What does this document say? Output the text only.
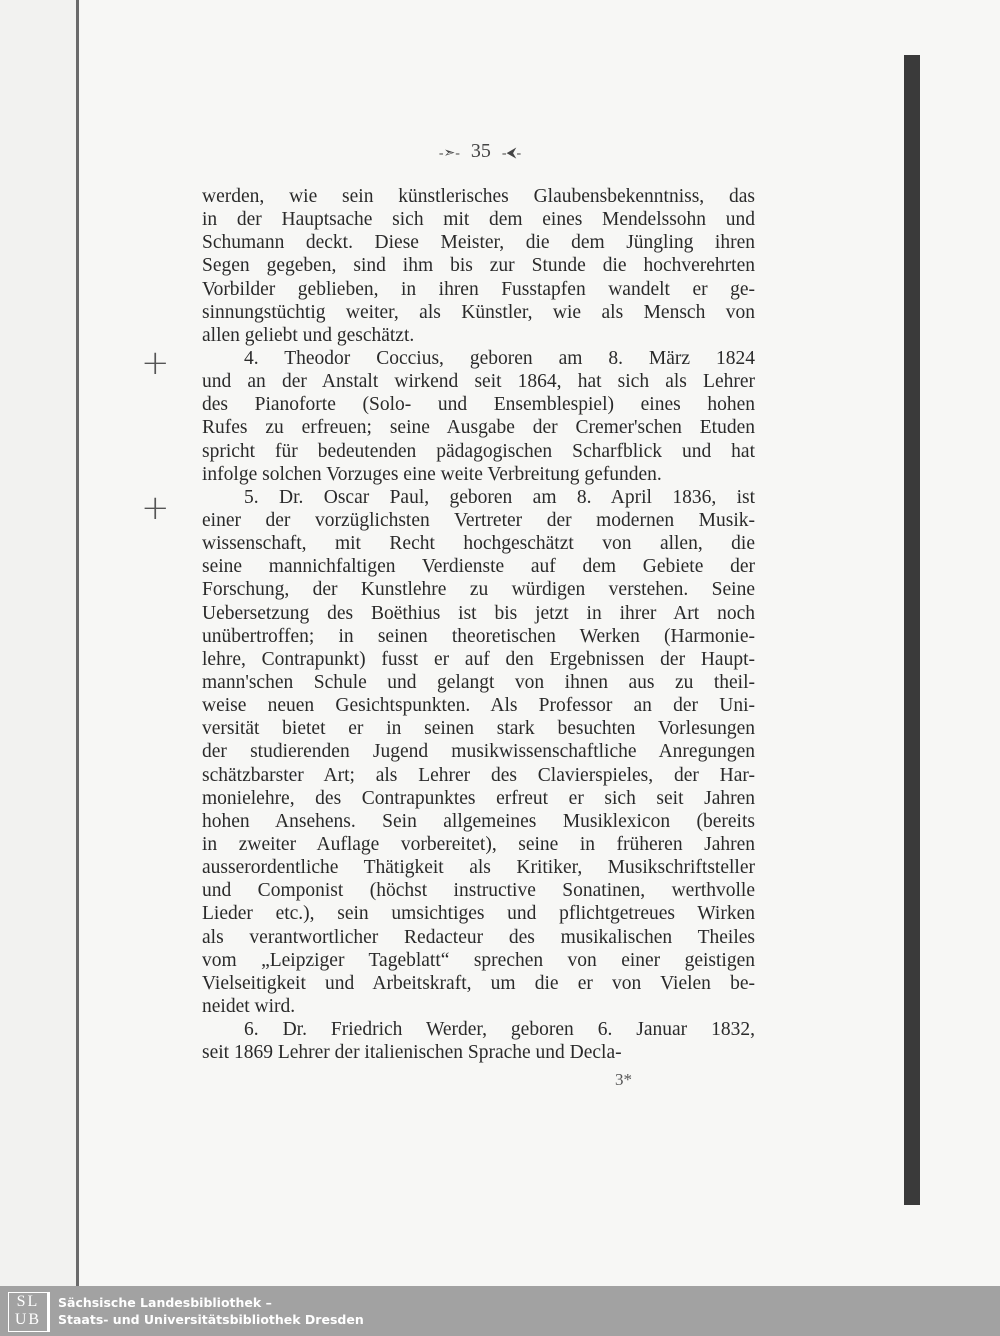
-➣- 35 -⮜-
+
+
werden, wie sein künstlerisches Glaubensbekenntniss, das
in der Hauptsache sich mit dem eines Mendelssohn und
Schumann deckt. Diese Meister, die dem Jüngling ihren
Segen gegeben, sind ihm bis zur Stunde die hochverehrten
Vorbilder geblieben, in ihren Fusstapfen wandelt er ge-
sinnungstüchtig weiter, als Künstler, wie als Mensch von
allen geliebt und geschätzt.
4. Theodor Coccius, geboren am 8. März 1824
und an der Anstalt wirkend seit 1864, hat sich als Lehrer
des Pianoforte (Solo- und Ensemblespiel) eines hohen
Rufes zu erfreuen; seine Ausgabe der Cremer'schen Etuden
spricht für bedeutenden pädagogischen Scharfblick und hat
infolge solchen Vorzuges eine weite Verbreitung gefunden.
5. Dr. Oscar Paul, geboren am 8. April 1836, ist
einer der vorzüglichsten Vertreter der modernen Musik-
wissenschaft, mit Recht hochgeschätzt von allen, die
seine mannichfaltigen Verdienste auf dem Gebiete der
Forschung, der Kunstlehre zu würdigen verstehen. Seine
Uebersetzung des Boëthius ist bis jetzt in ihrer Art noch
unübertroffen; in seinen theoretischen Werken (Harmonie-
lehre, Contrapunkt) fusst er auf den Ergebnissen der Haupt-
mann'schen Schule und gelangt von ihnen aus zu theil-
weise neuen Gesichtspunkten. Als Professor an der Uni-
versität bietet er in seinen stark besuchten Vorlesungen
der studierenden Jugend musikwissenschaftliche Anregungen
schätzbarster Art; als Lehrer des Clavierspieles, der Har-
monielehre, des Contrapunktes erfreut er sich seit Jahren
hohen Ansehens. Sein allgemeines Musiklexicon (bereits
in zweiter Auflage vorbereitet), seine in früheren Jahren
ausserordentliche Thätigkeit als Kritiker, Musikschriftsteller
und Componist (höchst instructive Sonatinen, werthvolle
Lieder etc.), sein umsichtiges und pflichtgetreues Wirken
als verantwortlicher Redacteur des musikalischen Theiles
vom „Leipziger Tageblatt“ sprechen von einer geistigen
Vielseitigkeit und Arbeitskraft, um die er von Vielen be-
neidet wird.
6. Dr. Friedrich Werder, geboren 6. Januar 1832,
seit 1869 Lehrer der italienischen Sprache und Decla-
3*
SL
UB
Sächsische Landesbibliothek –
Staats- und Universitätsbibliothek Dresden
